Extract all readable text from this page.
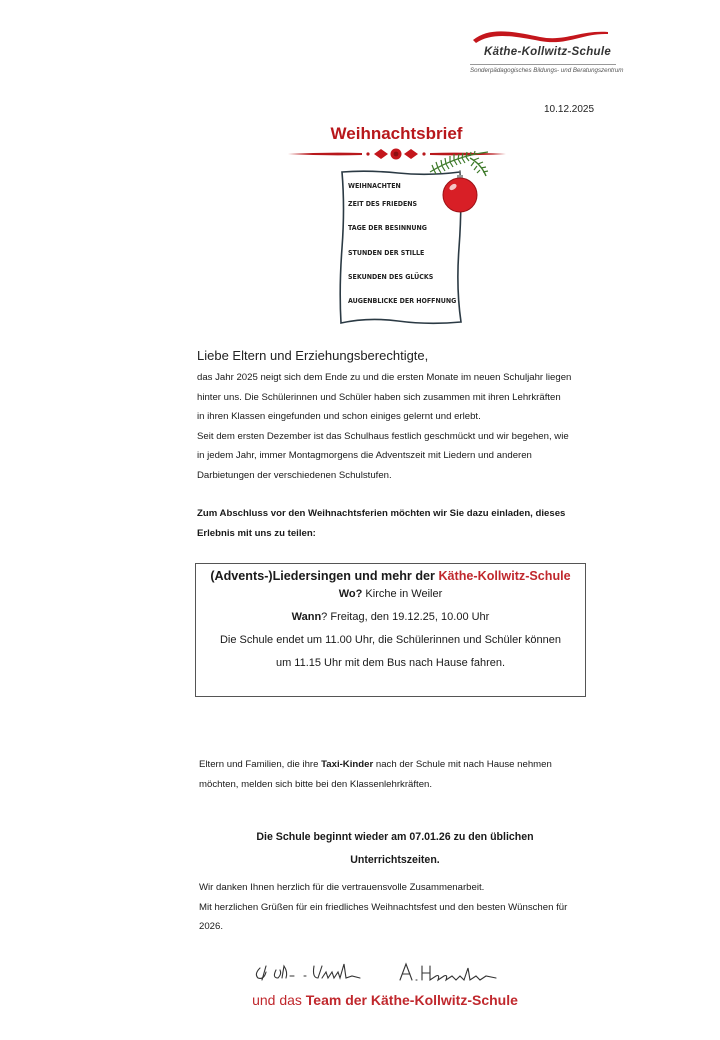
Käthe-Kollwitz-Schule
Sonderpädagogisches Bildungs- und Beratungszentrum
10.12.2025
Weihnachtsbrief
WEIHNACHTEN
ZEIT DES FRIEDENS
TAGE DER BESINNUNG
STUNDEN DER STILLE
SEKUNDEN DES GLÜCKS
AUGENBLICKE DER HOFFNUNG
Liebe Eltern und Erziehungsberechtigte,

das Jahr 2025 neigt sich dem Ende zu und die ersten Monate im neuen Schuljahr liegen

hinter uns. Die Schülerinnen und Schüler haben sich zusammen mit ihren Lehrkräften

in ihren Klassen eingefunden und schon einiges gelernt und erlebt.

Seit dem ersten Dezember ist das Schulhaus festlich geschmückt und wir begehen, wie

in jedem Jahr, immer Montagmorgens die Adventszeit mit Liedern und anderen

Darbietungen der verschiedenen Schulstufen.

Zum Abschluss vor den Weihnachtsferien möchten wir Sie dazu einladen, dieses

Erlebnis mit uns zu teilen:

(Advents-)Liedersingen und mehr der Käthe-Kollwitz-Schule
Wo? Kirche in Weiler
Wann? Freitag, den 19.12.25, 10.00 Uhr
Die Schule endet um 11.00 Uhr, die Schülerinnen und Schüler können
um 11.15 Uhr mit dem Bus nach Hause fahren.

Eltern und Familien, die ihre Taxi-Kinder nach der Schule mit nach Hause nehmen

möchten, melden sich bitte bei den Klassenlehrkräften.

Die Schule beginnt wieder am 07.01.26 zu den üblichen

Unterrichtszeiten.

Wir danken Ihnen herzlich für die vertrauensvolle Zusammenarbeit.

Mit herzlichen Grüßen für ein friedliches Weihnachtsfest und den besten Wünschen für

2026.

und das Team der Käthe-Kollwitz-Schule
